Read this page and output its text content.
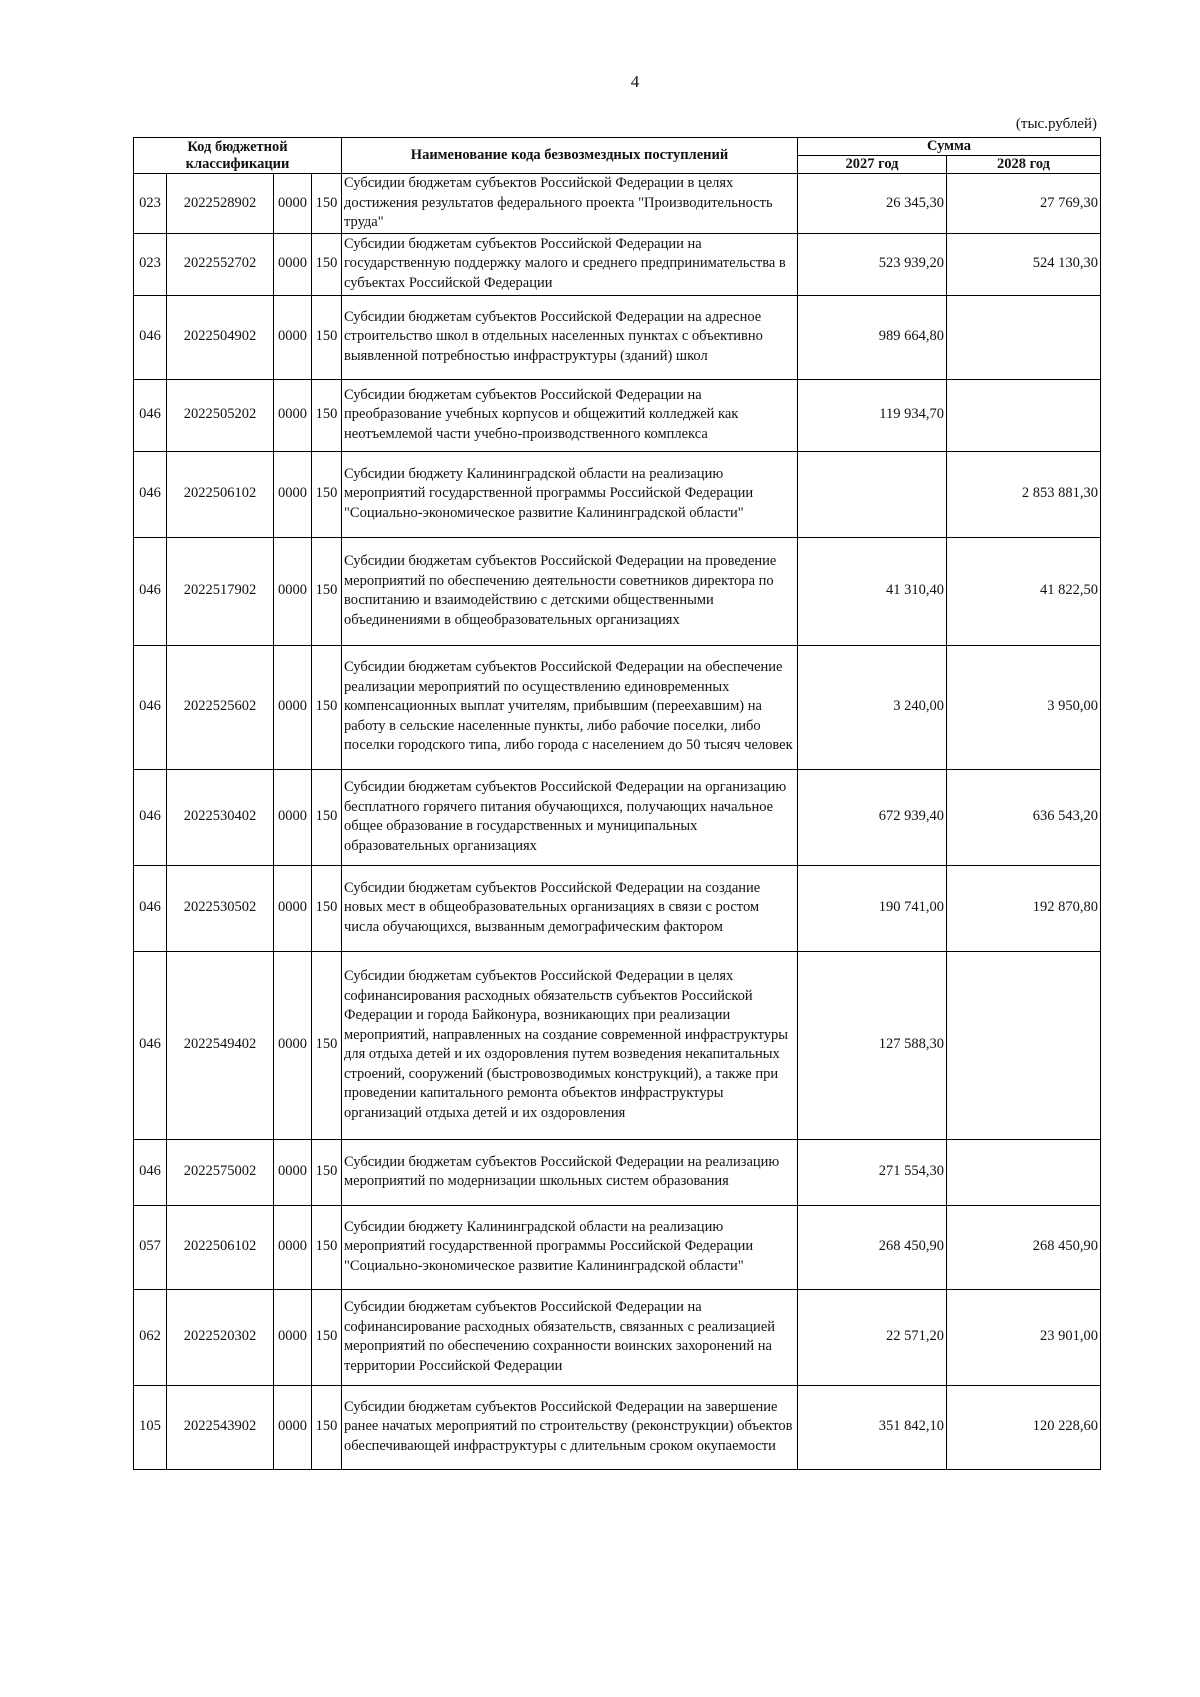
4
(тыс.рублей)
Код бюджетной классификации				Наименование кода безвозмездных поступлений	Сумма	
					2027 год	2028 год
023	2022528902	0000	150	Субсидии бюджетам субъектов Российской Федерации в целях достижения результатов федерального проекта "Производительность труда"	26 345,30	27 769,30
023	2022552702	0000	150	Субсидии бюджетам субъектов Российской Федерации на государственную поддержку малого и среднего предпринимательства в субъектах Российской Федерации	523 939,20	524 130,30
046	2022504902	0000	150	Субсидии бюджетам субъектов Российской Федерации на адресное строительство школ в отдельных населенных пунктах с объективно выявленной потребностью инфраструктуры (зданий) школ	989 664,80	
046	2022505202	0000	150	Субсидии бюджетам субъектов Российской Федерации на преобразование учебных корпусов и общежитий колледжей как неотъемлемой части учебно-производственного комплекса	119 934,70	
046	2022506102	0000	150	Субсидии бюджету Калининградской области на реализацию мероприятий государственной программы Российской Федерации "Социально-экономическое развитие Калининградской области"		2 853 881,30
046	2022517902	0000	150	Субсидии бюджетам субъектов Российской Федерации на проведение мероприятий по обеспечению деятельности советников директора по воспитанию и взаимодействию с детскими общественными объединениями в общеобразовательных организациях	41 310,40	41 822,50
046	2022525602	0000	150	Субсидии бюджетам субъектов Российской Федерации на обеспечение реализации мероприятий по осуществлению единовременных компенсационных выплат учителям, прибывшим (переехавшим) на работу в сельские населенные пункты, либо рабочие поселки, либо поселки городского типа, либо города с населением до 50 тысяч человек	3 240,00	3 950,00
046	2022530402	0000	150	Субсидии бюджетам субъектов Российской Федерации на организацию бесплатного горячего питания обучающихся, получающих начальное общее образование в государственных и муниципальных образовательных организациях	672 939,40	636 543,20
046	2022530502	0000	150	Субсидии бюджетам субъектов Российской Федерации на создание новых мест в общеобразовательных организациях в связи с ростом числа обучающихся, вызванным демографическим фактором	190 741,00	192 870,80
046	2022549402	0000	150	Субсидии бюджетам субъектов Российской Федерации в целях софинансирования расходных обязательств субъектов Российской Федерации и города Байконура, возникающих при реализации мероприятий, направленных на создание современной инфраструктуры для отдыха детей и их оздоровления путем возведения некапитальных строений, сооружений (быстровозводимых конструкций), а также при проведении капитального ремонта объектов инфраструктуры организаций отдыха детей и их оздоровления	127 588,30	
046	2022575002	0000	150	Субсидии бюджетам субъектов Российской Федерации на реализацию мероприятий по модернизации школьных систем образования	271 554,30	
057	2022506102	0000	150	Субсидии бюджету Калининградской области на реализацию мероприятий государственной программы Российской Федерации "Социально-экономическое развитие Калининградской области"	268 450,90	268 450,90
062	2022520302	0000	150	Субсидии бюджетам субъектов Российской Федерации на софинансирование расходных обязательств, связанных с реализацией мероприятий по обеспечению сохранности воинских захоронений на территории Российской Федерации	22 571,20	23 901,00
105	2022543902	0000	150	Субсидии бюджетам субъектов Российской Федерации на завершение ранее начатых мероприятий по строительству (реконструкции) объектов обеспечивающей инфраструктуры с длительным сроком окупаемости	351 842,10	120 228,60
